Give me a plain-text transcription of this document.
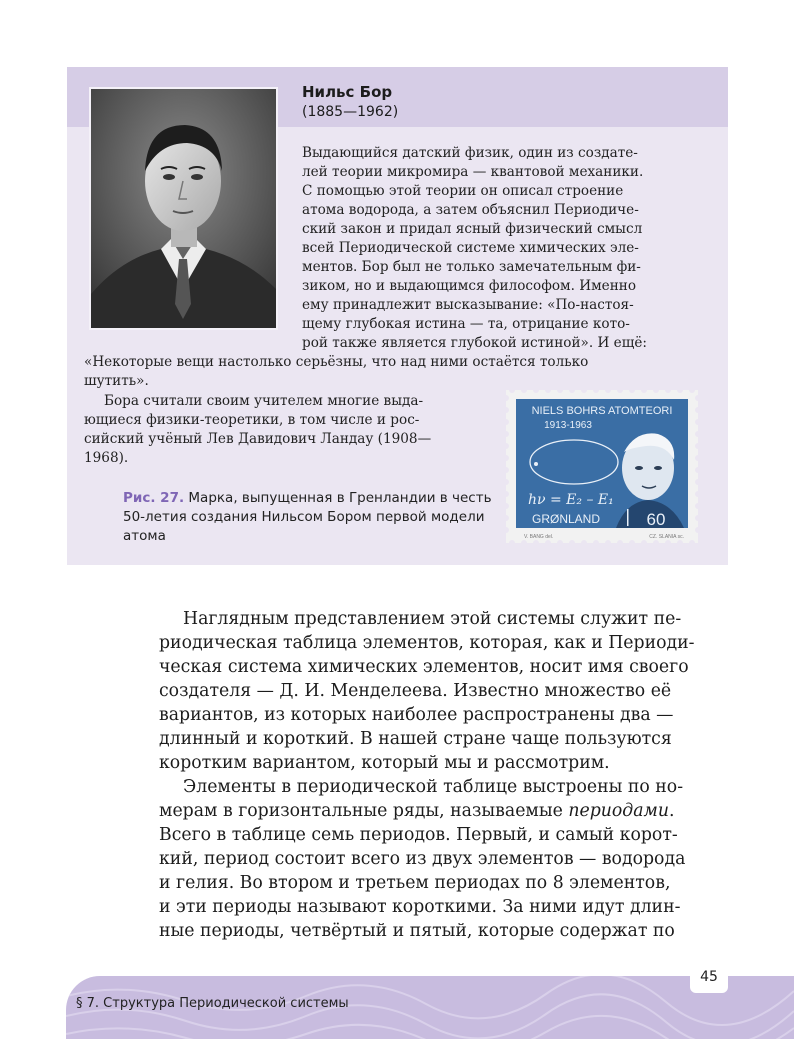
Нильс Бор
(1885—1962)
Выдающийся датский физик, один из создате-
лей теории микромира — квантовой механики.
С помощью этой теории он описал строение
атома водорода, а затем объяснил Периодиче-
ский закон и придал ясный физический смысл
всей Периодической системе химических эле-
ментов. Бор был не только замечательным фи-
зиком, но и выдающимся философом. Именно
ему принадлежит высказывание: «По-настоя-
щему глубокая истина — та, отрицание кото-
рой также является глубокой истиной». И ещё:
«Некоторые вещи настолько серьёзны, что над ними остаётся только
шутить».
Бора считали своим учителем многие выда-
ющиеся физики-теоретики, в том числе и рос-
сийский учёный Лев Давидович Ландау (1908—
1968).
Рис. 27. Марка, выпущенная в Гренландии в честь 50-летия создания Нильсом Бором первой модели атома
NIELS BOHRS ATOMTEORI
1913-1963
hν = E₂ – E₁
GRØNLAND	60
V. BANG del.	CZ. SLANIA sc.
Наглядным представлением этой системы служит пе-
риодическая таблица элементов, которая, как и Периоди-
ческая система химических элементов, носит имя своего
создателя — Д. И. Менделеева. Известно множество её
вариантов, из которых наиболее распространены два —
длинный и короткий. В нашей стране чаще пользуются
коротким вариантом, который мы и рассмотрим.
Элементы в периодической таблице выстроены по но-
мерам в горизонтальные ряды, называемые периодами.
Всего в таблице семь периодов. Первый, и самый корот-
кий, период состоит всего из двух элементов — водорода
и гелия. Во втором и третьем периодах по 8 элементов,
и эти периоды называют короткими. За ними идут длин-
ные периоды, четвёртый и пятый, которые содержат по
§ 7. Структура Периодической системы
45
